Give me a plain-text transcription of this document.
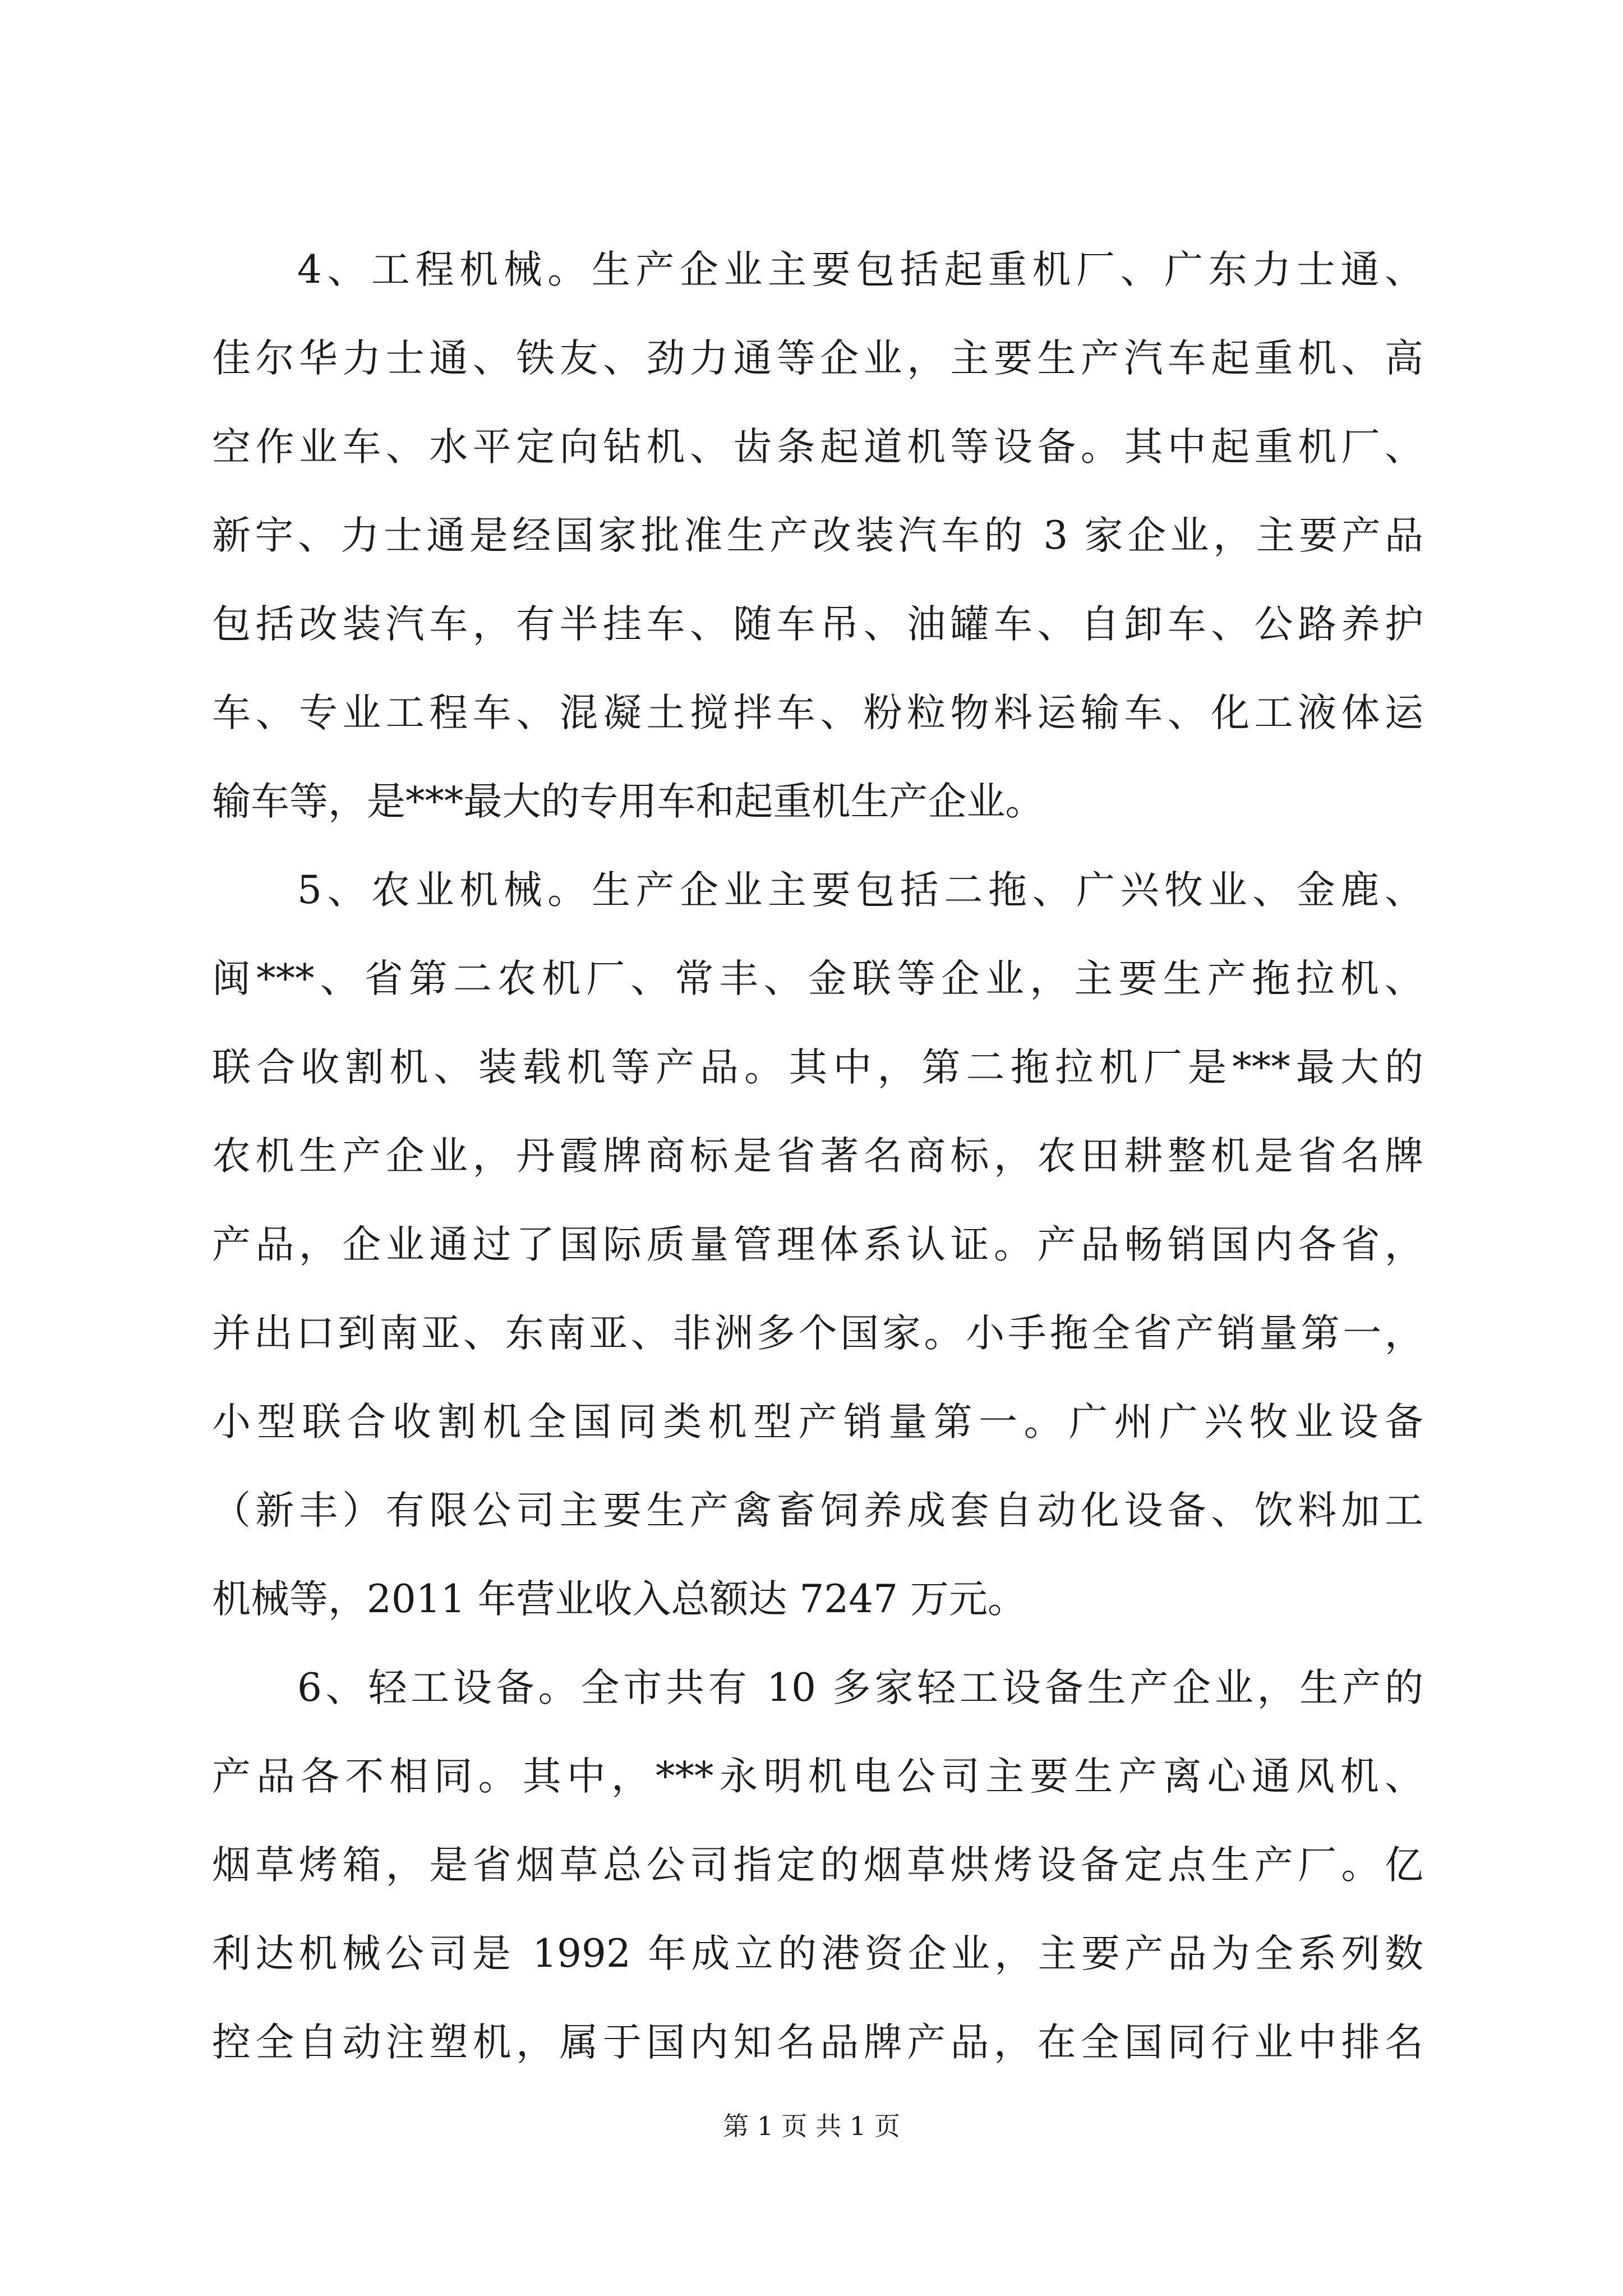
4、工程机械。生产企业主要包括起重机厂、广东力士通、
佳尔华力士通、铁友、劲力通等企业，主要生产汽车起重机、高
空作业车、水平定向钻机、齿条起道机等设备。其中起重机厂、
新宇、力士通是经国家批准生产改装汽车的 3 家企业，主要产品
包括改装汽车，有半挂车、随车吊、油罐车、自卸车、公路养护
车、专业工程车、混凝土搅拌车、粉粒物料运输车、化工液体运
输车等，是***最大的专用车和起重机生产企业。
5、农业机械。生产企业主要包括二拖、广兴牧业、金鹿、
闽***、省第二农机厂、常丰、金联等企业，主要生产拖拉机、
联合收割机、装载机等产品。其中，第二拖拉机厂是***最大的
农机生产企业，丹霞牌商标是省著名商标，农田耕整机是省名牌
产品，企业通过了国际质量管理体系认证。产品畅销国内各省，
并出口到南亚、东南亚、非洲多个国家。小手拖全省产销量第一，
小型联合收割机全国同类机型产销量第一。广州广兴牧业设备
（新丰）有限公司主要生产禽畜饲养成套自动化设备、饮料加工
机械等，2011 年营业收入总额达 7247 万元。
6、轻工设备。全市共有 10 多家轻工设备生产企业，生产的
产品各不相同。其中，***永明机电公司主要生产离心通风机、
烟草烤箱，是省烟草总公司指定的烟草烘烤设备定点生产厂。亿
利达机械公司是 1992 年成立的港资企业，主要产品为全系列数
控全自动注塑机，属于国内知名品牌产品，在全国同行业中排名
第 1 页 共 1 页
